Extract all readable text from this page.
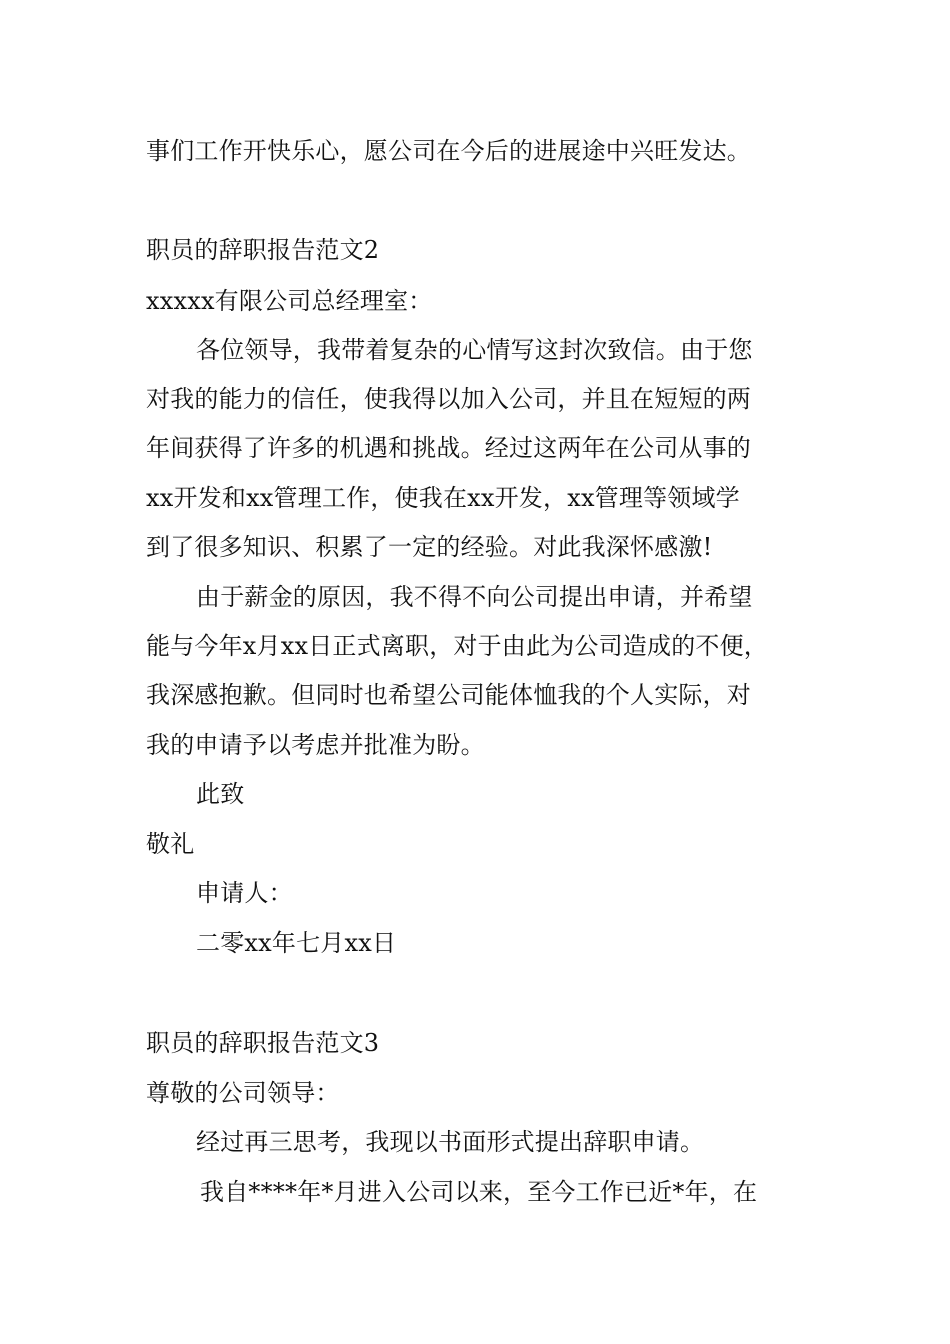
事们工作开快乐心，愿公司在今后的进展途中兴旺发达。
职员的辞职报告范文2
xxxxx有限公司总经理室：
各位领导，我带着复杂的心情写这封次致信。由于您
对我的能力的信任，使我得以加入公司，并且在短短的两
年间获得了许多的机遇和挑战。经过这两年在公司从事的
xx开发和xx管理工作，使我在xx开发，xx管理等领域学
到了很多知识、积累了一定的经验。对此我深怀感激!
由于薪金的原因，我不得不向公司提出申请，并希望
能与今年x月xx日正式离职，对于由此为公司造成的不便，
我深感抱歉。但同时也希望公司能体恤我的个人实际，对
我的申请予以考虑并批准为盼。
此致
敬礼
申请人：
二零xx年七月xx日
职员的辞职报告范文3
尊敬的公司领导：
经过再三思考，我现以书面形式提出辞职申请。
我自****年*月进入公司以来，至今工作已近*年，在
